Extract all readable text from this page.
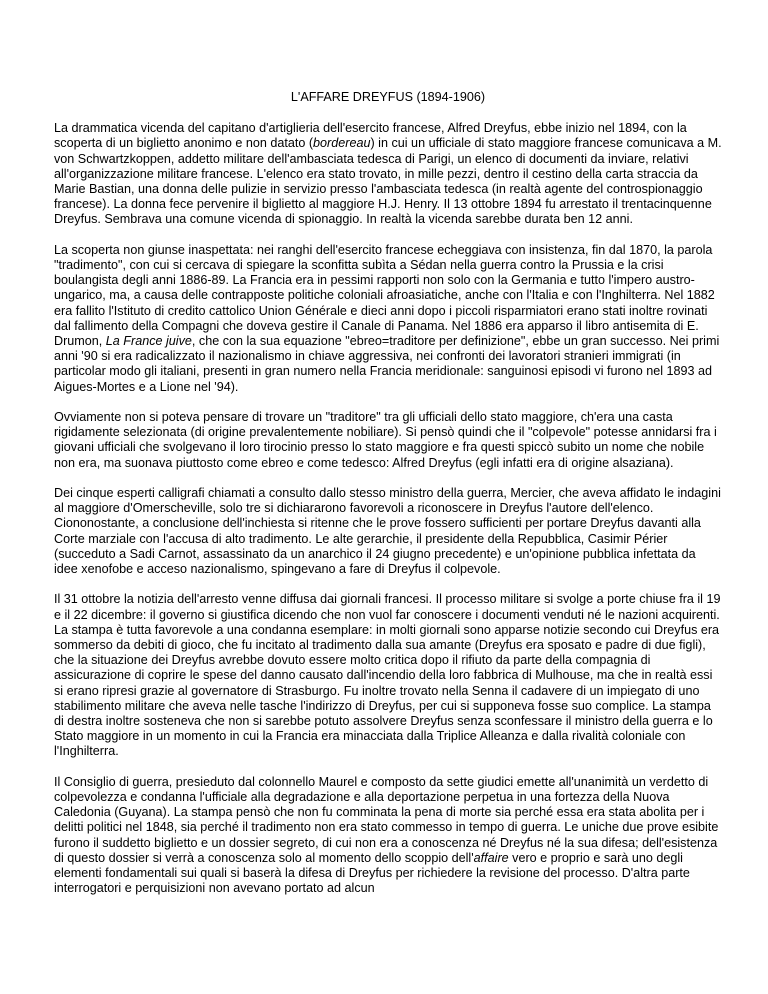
L'AFFARE DREYFUS (1894-1906)

La drammatica vicenda del capitano d'artiglieria dell'esercito francese, Alfred Dreyfus, ebbe inizio nel 1894, con la scoperta di un biglietto anonimo e non datato (bordereau) in cui un ufficiale di stato maggiore francese comunicava a M. von Schwartzkoppen, addetto militare dell'ambasciata tedesca di Parigi, un elenco di documenti da inviare, relativi all'organizzazione militare francese. L'elenco era stato trovato, in mille pezzi, dentro il cestino della carta straccia da Marie Bastian, una donna delle pulizie in servizio presso l'ambasciata tedesca (in realtà agente del controspionaggio francese). La donna fece pervenire il biglietto al maggiore H.J. Henry. Il 13 ottobre 1894 fu arrestato il trentacinquenne Dreyfus. Sembrava una comune vicenda di spionaggio. In realtà la vicenda sarebbe durata ben 12 anni.

La scoperta non giunse inaspettata: nei ranghi dell'esercito francese echeggiava con insistenza, fin dal 1870, la parola "tradimento", con cui si cercava di spiegare la sconfitta subìta a Sédan nella guerra contro la Prussia e la crisi boulangista degli anni 1886-89. La Francia era in pessimi rapporti non solo con la Germania e tutto l'impero austro-ungarico, ma, a causa delle contrapposte politiche coloniali afroasiatiche, anche con l'Italia e con l'Inghilterra. Nel 1882 era fallito l'Istituto di credito cattolico Union Générale e dieci anni dopo i piccoli risparmiatori erano stati inoltre rovinati dal fallimento della Compagni che doveva gestire il Canale di Panama. Nel 1886 era apparso il libro antisemita di E. Drumon, La France juive, che con la sua equazione "ebreo=traditore per definizione", ebbe un gran successo. Nei primi anni '90 si era radicalizzato il nazionalismo in chiave aggressiva, nei confronti dei lavoratori stranieri immigrati (in particolar modo gli italiani, presenti in gran numero nella Francia meridionale: sanguinosi episodi vi furono nel 1893 ad Aigues-Mortes e a Lione nel '94).

Ovviamente non si poteva pensare di trovare un "traditore" tra gli ufficiali dello stato maggiore, ch'era una casta rigidamente selezionata (di origine prevalentemente nobiliare). Si pensò quindi che il "colpevole" potesse annidarsi fra i giovani ufficiali che svolgevano il loro tirocinio presso lo stato maggiore e fra questi spiccò subito un nome che nobile non era, ma suonava piuttosto come ebreo e come tedesco: Alfred Dreyfus (egli infatti era di origine alsaziana).

Dei cinque esperti calligrafi chiamati a consulto dallo stesso ministro della guerra, Mercier, che aveva affidato le indagini al maggiore d'Omerscheville, solo tre si dichiararono favorevoli a riconoscere in Dreyfus l'autore dell'elenco. Ciononostante, a conclusione dell'inchiesta si ritenne che le prove fossero sufficienti per portare Dreyfus davanti alla Corte marziale con l'accusa di alto tradimento. Le alte gerarchie, il presidente della Repubblica, Casimir Périer (succeduto a Sadi Carnot, assassinato da un anarchico il 24 giugno precedente) e un'opinione pubblica infettata da idee xenofobe e acceso nazionalismo, spingevano a fare di Dreyfus il colpevole.

Il 31 ottobre la notizia dell'arresto venne diffusa dai giornali francesi. Il processo militare si svolge a porte chiuse fra il 19 e il 22 dicembre: il governo si giustifica dicendo che non vuol far conoscere i documenti venduti né le nazioni acquirenti. La stampa è tutta favorevole a una condanna esemplare: in molti giornali sono apparse notizie secondo cui Dreyfus era sommerso da debiti di gioco, che fu incitato al tradimento dalla sua amante (Dreyfus era sposato e padre di due figli), che la situazione dei Dreyfus avrebbe dovuto essere molto critica dopo il rifiuto da parte della compagnia di assicurazione di coprire le spese del danno causato dall'incendio della loro fabbrica di Mulhouse, ma che in realtà essi si erano ripresi grazie al governatore di Strasburgo. Fu inoltre trovato nella Senna il cadavere di un impiegato di uno stabilimento militare che aveva nelle tasche l'indirizzo di Dreyfus, per cui si supponeva fosse suo complice. La stampa di destra inoltre sosteneva che non si sarebbe potuto assolvere Dreyfus senza sconfessare il ministro della guerra e lo Stato maggiore in un momento in cui la Francia era minacciata dalla Triplice Alleanza e dalla rivalità coloniale con l'Inghilterra.

Il Consiglio di guerra, presieduto dal colonnello Maurel e composto da sette giudici emette all'unanimità un verdetto di colpevolezza e condanna l'ufficiale alla degradazione e alla deportazione perpetua in una fortezza della Nuova Caledonia (Guyana). La stampa pensò che non fu comminata la pena di morte sia perché essa era stata abolita per i delitti politici nel 1848, sia perché il tradimento non era stato commesso in tempo di guerra. Le uniche due prove esibite furono il suddetto biglietto e un dossier segreto, di cui non era a conoscenza né Dreyfus né la sua difesa; dell'esistenza di questo dossier si verrà a conoscenza solo al momento dello scoppio dell'affaire vero e proprio e sarà uno degli elementi fondamentali sui quali si baserà la difesa di Dreyfus per richiedere la revisione del processo. D'altra parte interrogatori e perquisizioni non avevano portato ad alcun
